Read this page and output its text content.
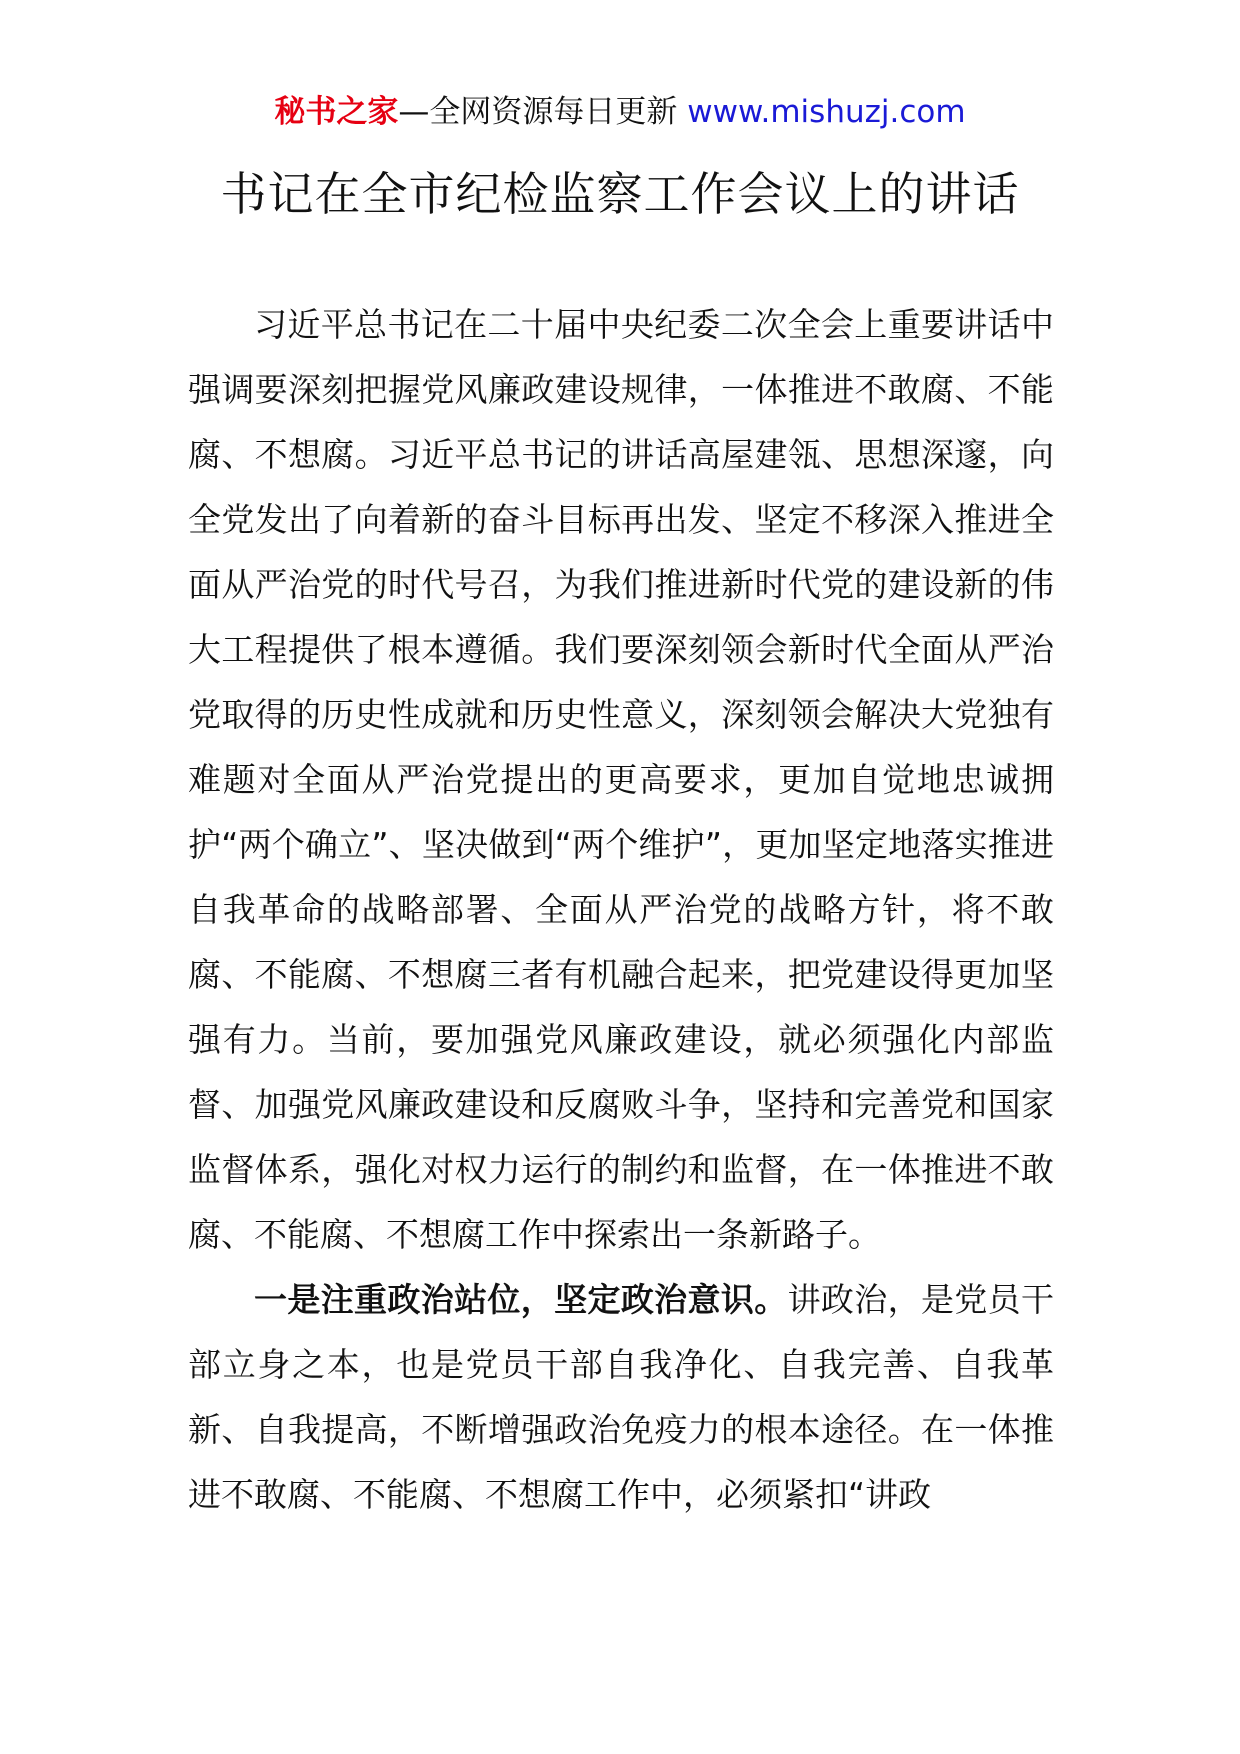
秘书之家—全网资源每日更新 www.mishuzj.com
书记在全市纪检监察工作会议上的讲话

习近平总书记在二十届中央纪委二次全会上重要讲话中强调要深刻把握党风廉政建设规律，一体推进不敢腐、不能腐、不想腐。习近平总书记的讲话高屋建瓴、思想深邃，向全党发出了向着新的奋斗目标再出发、坚定不移深入推进全面从严治党的时代号召，为我们推进新时代党的建设新的伟大工程提供了根本遵循。我们要深刻领会新时代全面从严治党取得的历史性成就和历史性意义，深刻领会解决大党独有难题对全面从严治党提出的更高要求，更加自觉地忠诚拥护“两个确立”、坚决做到“两个维护”，更加坚定地落实推进自我革命的战略部署、全面从严治党的战略方针，将不敢腐、不能腐、不想腐三者有机融合起来，把党建设得更加坚强有力。当前，要加强党风廉政建设，就必须强化内部监督、加强党风廉政建设和反腐败斗争，坚持和完善党和国家监督体系，强化对权力运行的制约和监督，在一体推进不敢腐、不能腐、不想腐工作中探索出一条新路子。

一是注重政治站位，坚定政治意识。讲政治，是党员干部立身之本，也是党员干部自我净化、自我完善、自我革新、自我提高，不断增强政治免疫力的根本途径。在一体推进不敢腐、不能腐、不想腐工作中，必须紧扣“讲政
